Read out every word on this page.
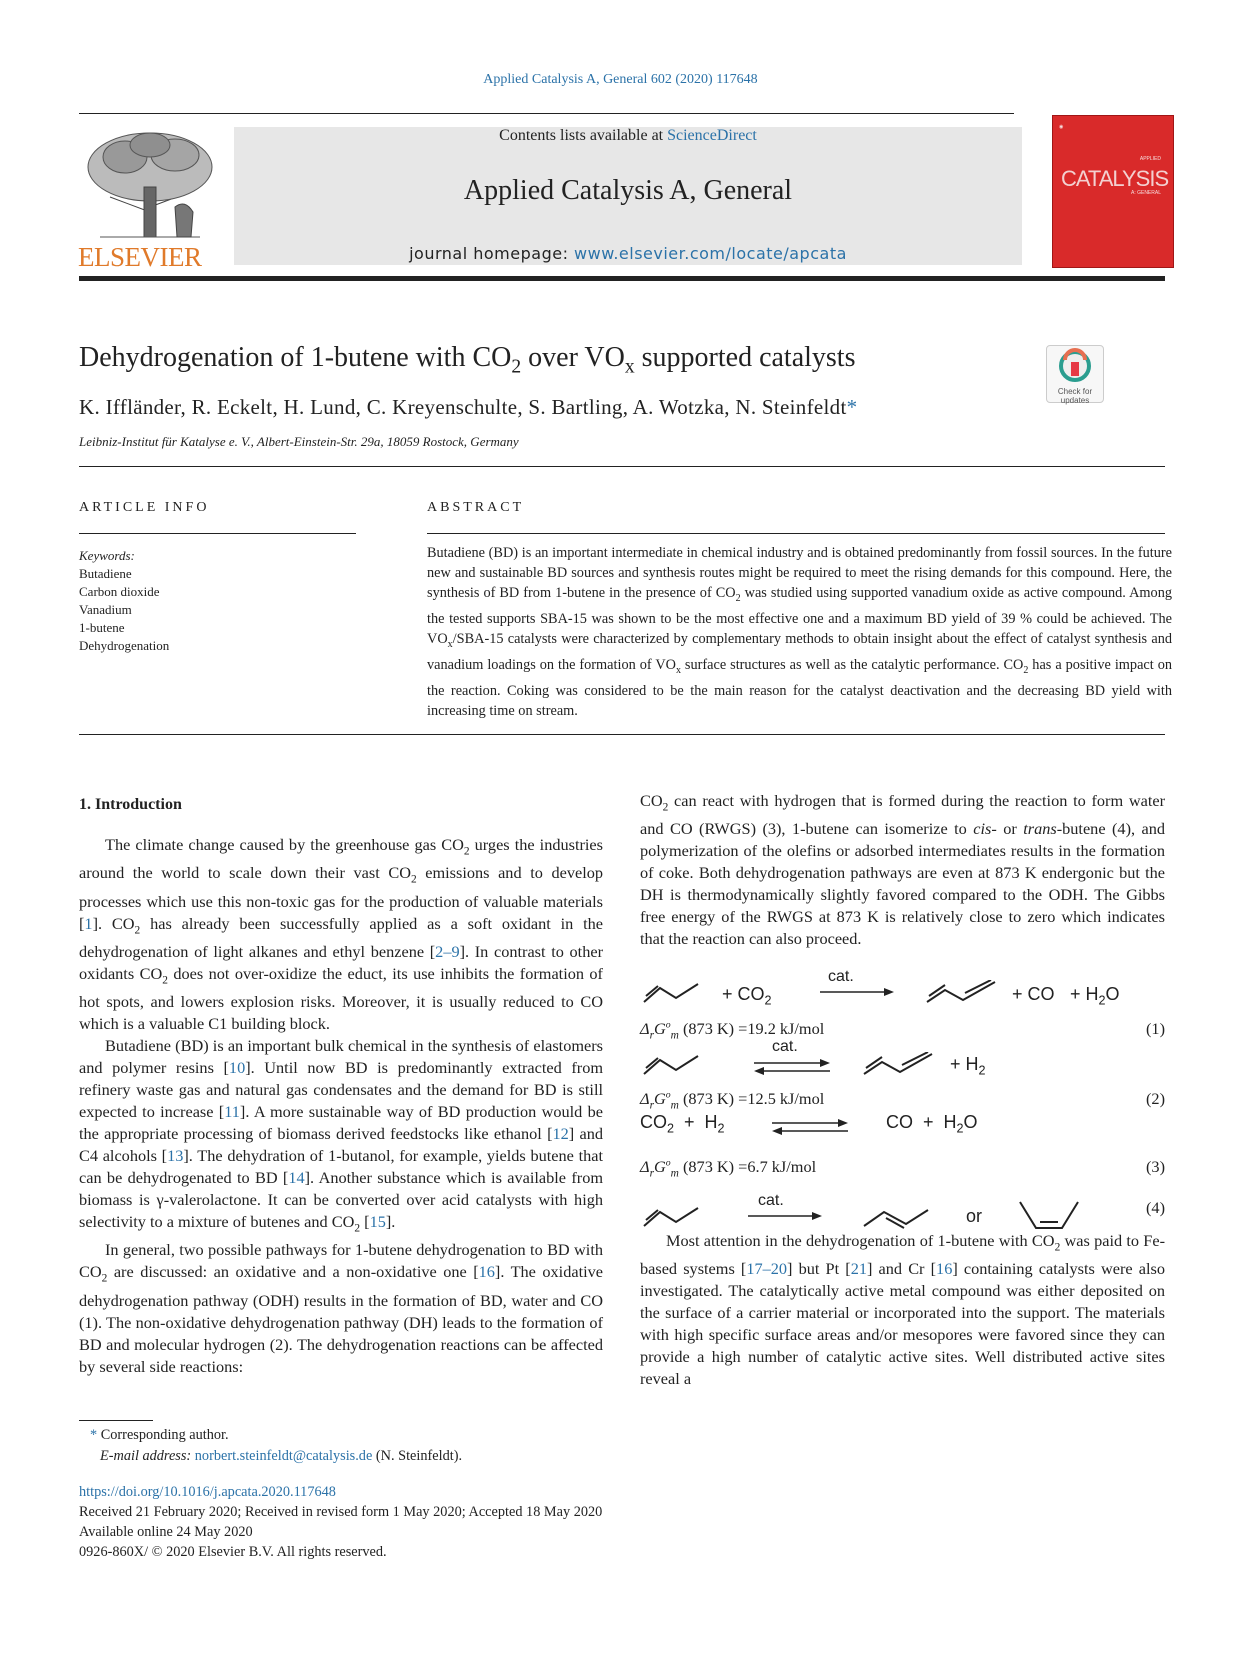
Applied Catalysis A, General 602 (2020) 117648
ELSEVIER
Contents lists available at ScienceDirect
Applied Catalysis A, General
journal homepage: www.elsevier.com/locate/apcata
◉
APPLIED
CATALYSIS
A: GENERAL
Dehydrogenation of 1-butene with $CO_2$ over $VO_x$ supported catalysts
Check for updates
K. Iffländer, R. Eckelt, H. Lund, C. Kreyenschulte, S. Bartling, A. Wotzka, N. Steinfeldt*
Leibniz-Institut für Katalyse e. V., Albert-Einstein-Str. 29a, 18059 Rostock, Germany
ARTICLE INFO
Keywords:
Butadiene
Carbon dioxide
Vanadium
1-butene
Dehydrogenation
ABSTRACT
Butadiene (BD) is an important intermediate in chemical industry and is obtained predominantly from fossil sources. In the future new and sustainable BD sources and synthesis routes might be required to meet the rising demands for this compound. Here, the synthesis of BD from 1-butene in the presence of $CO_2$ was studied using supported vanadium oxide as active compound. Among the tested supports SBA-15 was shown to be the most effective one and a maximum BD yield of 39 % could be achieved. The $VO_x/SBA-15$ catalysts were characterized by complementary methods to obtain insight about the effect of catalyst synthesis and vanadium loadings on the formation of $VO_x$ surface structures as well as the catalytic performance. $CO_2$ has a positive impact on the reaction. Coking was considered to be the main reason for the catalyst deactivation and the decreasing BD yield with increasing time on stream.
1. Introduction

The climate change caused by the greenhouse gas $CO_2$ urges the industries around the world to scale down their vast $CO_2$ emissions and to develop processes which use this non-toxic gas for the production of valuable materials [1]. $CO_2$ has already been successfully applied as a soft oxidant in the dehydrogenation of light alkanes and ethyl benzene [2–9]. In contrast to other oxidants $CO_2$ does not over-oxidize the educt, its use inhibits the formation of hot spots, and lowers explosion risks. Moreover, it is usually reduced to CO which is a valuable C1 building block.

Butadiene (BD) is an important bulk chemical in the synthesis of elastomers and polymer resins [10]. Until now BD is predominantly extracted from refinery waste gas and natural gas condensates and the demand for BD is still expected to increase [11]. A more sustainable way of BD production would be the appropriate processing of biomass derived feedstocks like ethanol [12] and C4 alcohols [13]. The dehydration of 1-butanol, for example, yields butene that can be dehydrogenated to BD [14]. Another substance which is available from biomass is γ-valerolactone. It can be converted over acid catalysts with high selectivity to a mixture of butenes and $CO_2$ [15].

In general, two possible pathways for 1-butene dehydrogenation to BD with $CO_2$ are discussed: an oxidative and a non-oxidative one [16]. The oxidative dehydrogenation pathway (ODH) results in the formation of BD, water and CO (1). The non-oxidative dehydrogenation pathway (DH) leads to the formation of BD and molecular hydrogen (2). The dehydrogenation reactions can be affected by several side reactions:

$CO_2$ can react with hydrogen that is formed during the reaction to form water and CO (RWGS) (3), 1-butene can isomerize to cis- or trans-butene (4), and polymerization of the olefins or adsorbed intermediates results in the formation of coke. Both dehydrogenation pathways are even at 873 K endergonic but the DH is thermodynamically slightly favored compared to the ODH. The Gibbs free energy of the RWGS at 873 K is relatively close to zero which indicates that the reaction can also proceed.

+ $CO_2$
cat.
+ CO + $H_2O$
$\Delta_rG^o_m$ (873 K) =19.2 kJ/mol	(1)
cat.
+ $H_2$
$\Delta_rG^o_m$ (873 K) =12.5 kJ/mol	(2)
$CO_2 + H_2$	CO  +  $H_2O$
$\Delta_rG^o_m$ (873 K) =6.7 kJ/mol	(3)
cat.
or	(4)

Most attention in the dehydrogenation of 1-butene with $CO_2$ was paid to Fe-based systems [17–20] but Pt [21] and Cr [16] containing catalysts were also investigated. The catalytically active metal compound was either deposited on the surface of a carrier material or incorporated into the support. The materials with high specific surface areas and/or mesopores were favored since they can provide a high number of catalytic active sites. Well distributed active sites reveal a

* Corresponding author.
E-mail address: norbert.steinfeldt@catalysis.de (N. Steinfeldt).
https://doi.org/10.1016/j.apcata.2020.117648
Received 21 February 2020; Received in revised form 1 May 2020; Accepted 18 May 2020
Available online 24 May 2020
0926-860X/ © 2020 Elsevier B.V. All rights reserved.
